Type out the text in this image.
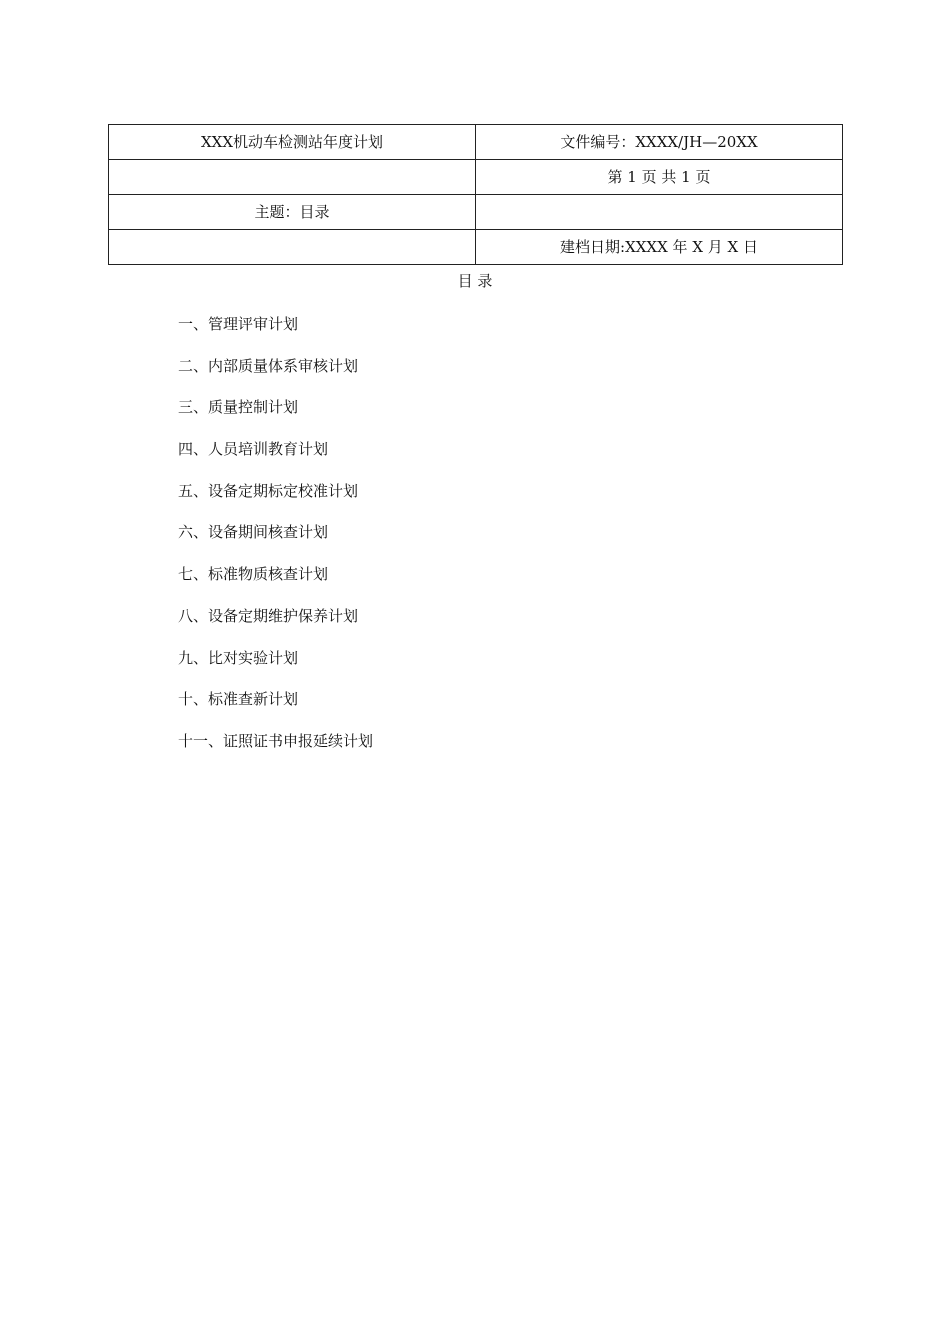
XXX机动车检测站年度计划	文件编号：XXXX/JH—20XX
	第 1 页 共 1 页
主题：目录	
	建档日期:XXXX 年 X 月 X 日
目 录
一、管理评审计划
二、内部质量体系审核计划
三、质量控制计划
四、人员培训教育计划
五、设备定期标定校准计划
六、设备期间核查计划
七、标准物质核查计划
八、设备定期维护保养计划
九、比对实验计划
十、标准查新计划
十一、证照证书申报延续计划
